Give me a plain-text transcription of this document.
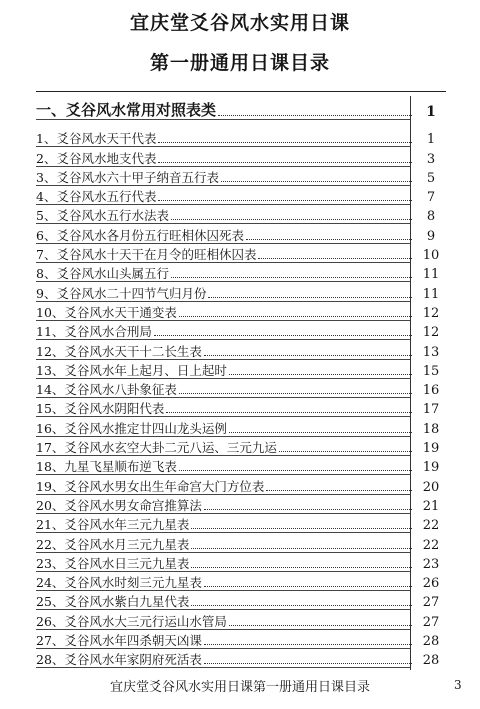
宜庆堂爻谷风水实用日课
第一册通用日课目录
一、爻谷风水常用对照表类	1
1、爻谷风水天干代表	1
2、爻谷风水地支代表	3
3、爻谷风水六十甲子纳音五行表	5
4、爻谷风水五行代表	7
5、爻谷风水五行水法表	8
6、爻谷风水各月份五行旺相休囚死表	9
7、爻谷风水十天干在月令的旺相休囚表	10
8、爻谷风水山头属五行	11
9、爻谷风水二十四节气归月份	11
10、爻谷风水天干通变表	12
11、爻谷风水合刑局	12
12、爻谷风水天干十二长生表	13
13、爻谷风水年上起月、日上起时	15
14、爻谷风水八卦象征表	16
15、爻谷风水阴阳代表	17
16、爻谷风水推定廿四山龙头运例	18
17、爻谷风水玄空大卦二元八运、三元九运	19
18、九星飞星顺布逆飞表	19
19、爻谷风水男女出生年命宫大门方位表	20
20、爻谷风水男女命宫推算法	21
21、爻谷风水年三元九星表	22
22、爻谷风水月三元九星表	22
23、爻谷风水日三元九星表	23
24、爻谷风水时刻三元九星表	26
25、爻谷风水紫白九星代表	27
26、爻谷风水大三元行运山水管局	27
27、爻谷风水年四杀朝天凶课	28
28、爻谷风水年家阴府死活表	28
宜庆堂爻谷风水实用日课第一册通用日课目录	3
